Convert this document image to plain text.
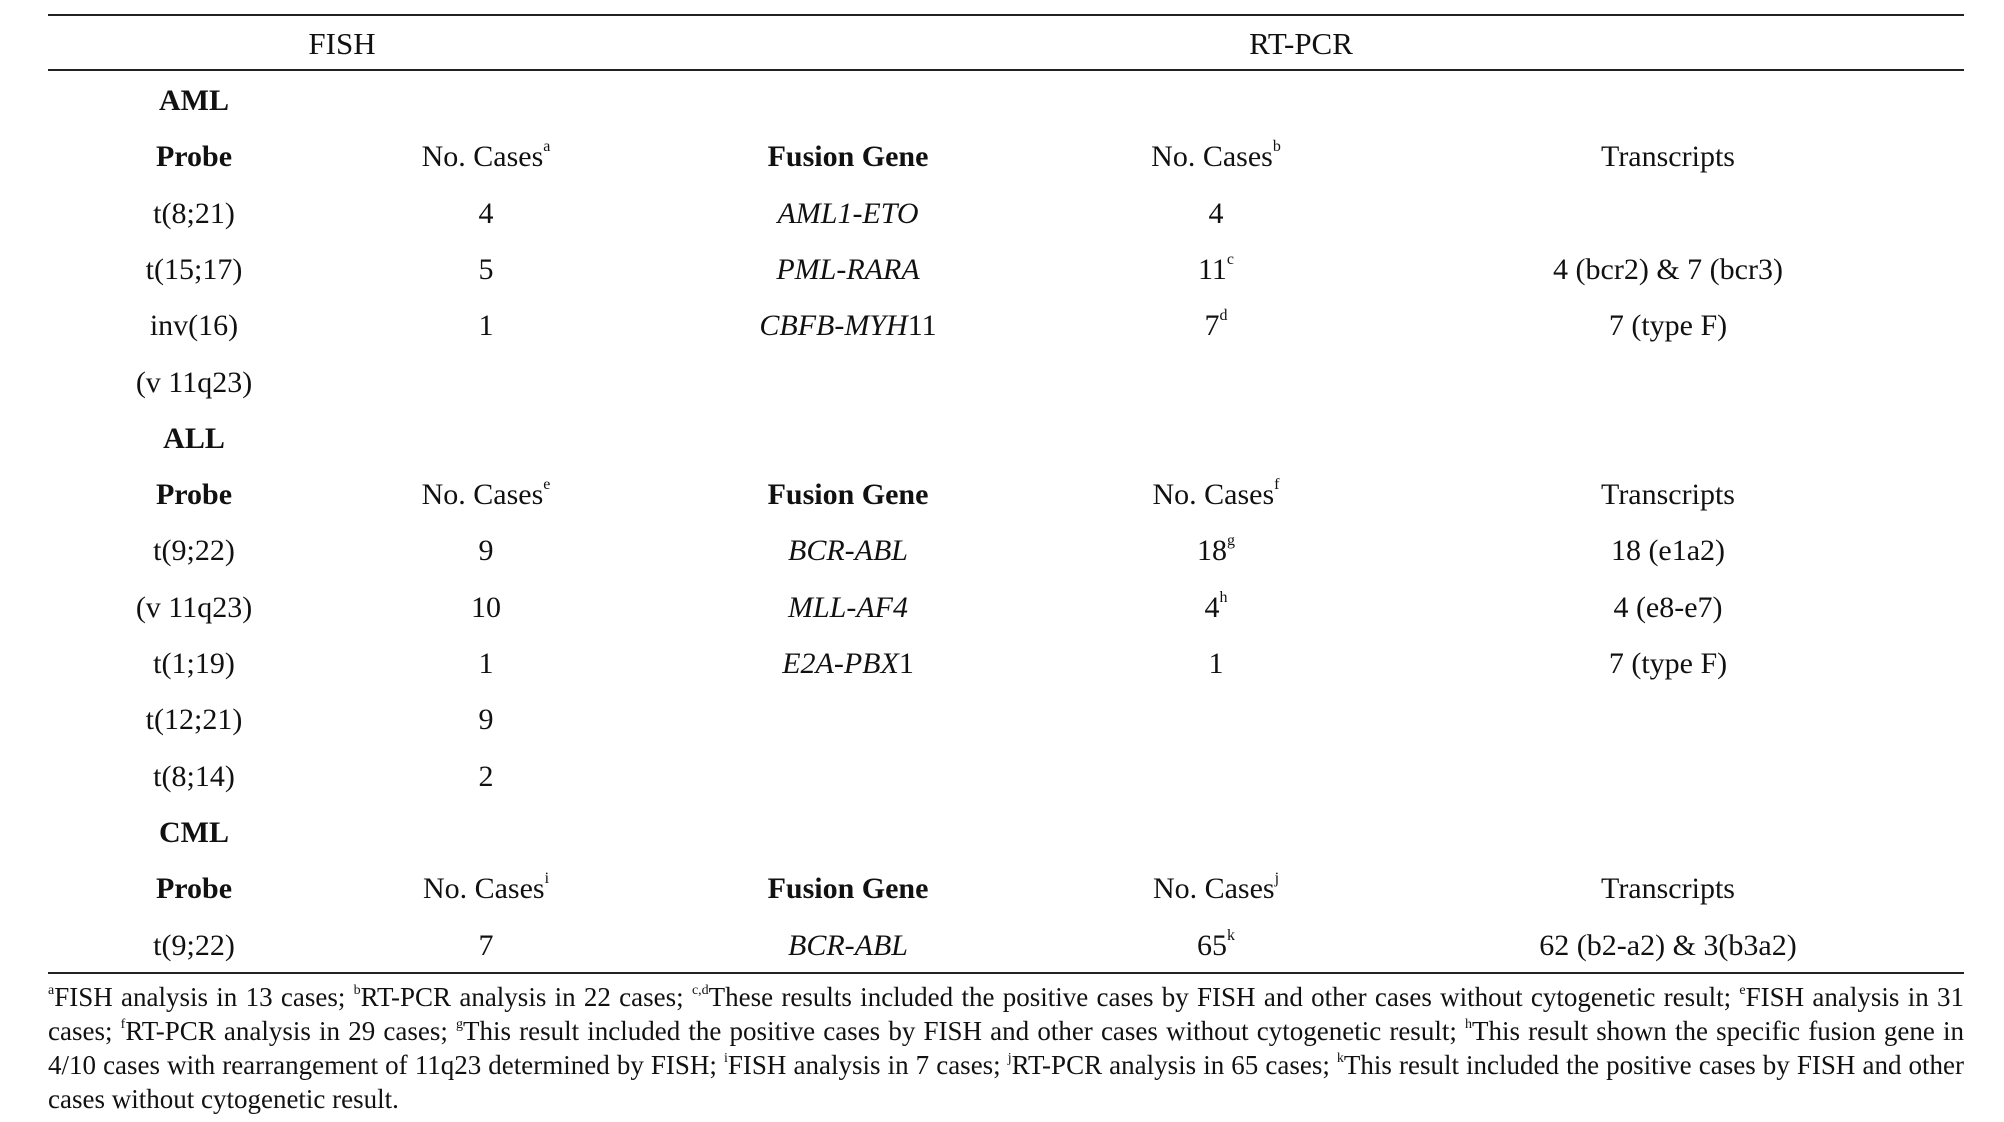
FISH	RT-PCR
AML
Probe	No. Cases$^a$	Fusion Gene	No. Cases$^b$	Transcripts
t(8;21)	4	AML1-ETO	4
t(15;17)	5	PML-RARA	11$^c$	4 (bcr2) & 7 (bcr3)
inv(16)	1	CBFB-MYH11	7$^d$	7 (type F)
(v 11q23)
ALL
Probe	No. Cases$^e$	Fusion Gene	No. Cases$^f$	Transcripts
t(9;22)	9	BCR-ABL	18$^g$	18 (e1a2)
(v 11q23)	10	MLL-AF4	4$^h$	4 (e8-e7)
t(1;19)	1	E2A-PBX1	1	7 (type F)
t(12;21)	9
t(8;14)	2
CML
Probe	No. Cases$^i$	Fusion Gene	No. Cases$^j$	Transcripts
t(9;22)	7	BCR-ABL	65$^k$	62 (b2-a2) & 3(b3a2)
$^a$FISH analysis in 13 cases; $^b$RT-PCR analysis in 22 cases; $^{c,d}$These results included the positive cases by FISH and other cases without cytogenetic result; $^e$FISH analysis in 31 cases; $^f$RT-PCR analysis in 29 cases; $^g$This result included the positive cases by FISH and other cases without cytogenetic result; $^h$This result shown the specific fusion gene in 4/10 cases with rearrangement of 11q23 determined by FISH; $^i$FISH analysis in 7 cases; $^j$RT-PCR analysis in 65 cases; $^k$This result included the positive cases by FISH and other cases without cytogenetic result.
